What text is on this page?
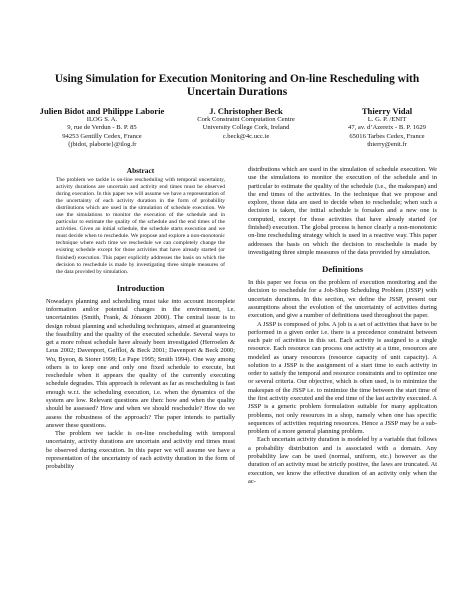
Using Simulation for Execution Monitoring and On-line Rescheduling with
Uncertain Durations
Julien Bidot and Philippe Laborie
ILOG S. A.
9, rue de Verdun - B. P. 85
94253 Gentilly Cedex, France
{jbidot, plaborie}@ilog.fr
J. Christopher Beck
Cork Constraint Computation Centre
University College Cork, Ireland
c.beck@4c.ucc.ie
Thierry Vidal
L. G. P. /ENIT
47, av. d’Azereix - B. P. 1629
65016 Tarbes Cedex, France
thierry@enit.fr

Abstract

The problem we tackle is on-line rescheduling with temporal uncertainty, activity durations are uncertain and activity end times must be observed during execution. In this paper we will assume we have a representation of the uncertainty of each activity duration in the form of probability distributions which are used in the simulation of schedule execution. We use the simulations to monitor the execution of the schedule and in particular to estimate the quality of the schedule and the end times of the activities. Given an initial schedule, the schedule starts execution and we must decide when to reschedule. We propose and explore a non-monotonic technique where each time we reschedule we can completely change the existing schedule except for those activities that have already started (or finished) execution. This paper explicitly addresses the basis on which the decision to reschedule is made by investigating three simple measures of the data provided by simulation.

Introduction

Nowadays planning and scheduling must take into account incomplete information and/or potential changes in the environment, i.e. uncertainties (Smith, Frank, & Jónsson 2000). The central issue is to design robust planning and scheduling techniques, aimed at guaranteeing the feasibility and the quality of the executed schedule. Several ways to get a more robust schedule have already been investigated (Herroelen & Leus 2002; Davenport, Gefflot, & Beck 2001; Davenport & Beck 2000; Wu, Byeon, & Storer 1999; Le Pape 1995; Smith 1994). One way among others is to keep one and only one fixed schedule to execute, but reschedule when it appears the quality of the currently executing schedule degrades. This approach is relevant as far as rescheduling is fast enough w.r.t. the scheduling execution, i.e. when the dynamics of the system are low. Relevant questions are then: how and when the quality should be assessed? How and when we should reschedule? How do we assess the robustness of the approach? The paper intends to partially answer these questions.

The problem we tackle is on-line rescheduling with temporal uncertainty, activity durations are uncertain and activity end times must be observed during execution. In this paper we will assume we have a representation of the uncertainty of each activity duration in the form of probability

distributions which are used in the simulation of schedule execution. We use the simulations to monitor the execution of the schedule and in particular to estimate the quality of the schedule (i.e., the makespan) and the end times of the activities. In the technique that we propose and explore, those data are used to decide when to reschedule; when such a decision is taken, the initial schedule is forsaken and a new one is computed, except for those activities that have already started (or finished) execution. The global process is hence clearly a non-monotonic on-line rescheduling strategy which is used in a reactive way. This paper addresses the basis on which the decision to reschedule is made by investigating three simple measures of the data provided by simulation.

Definitions

In this paper we focus on the problem of execution monitoring and the decision to reschedule for a Job-Shop Scheduling Problem (JSSP) with uncertain durations. In this section, we define the JSSP, present our assumptions about the evolution of the uncertainty of activities during execution, and give a number of definitions used throughout the paper.

A JSSP is composed of jobs. A job is a set of activities that have to be performed in a given order i.e. there is a precedence constraint between each pair of activities in this set. Each activity is assigned to a single resource. Each resource can process one activity at a time, resources are modeled as unary resources (resource capacity of unit capacity). A solution to a JSSP is the assignment of a start time to each activity in order to satisfy the temporal and resource constraints and to optimize one or several criteria. Our objective, which is often used, is to minimize the makespan of the JSSP i.e. to minimize the time between the start time of the first activity executed and the end time of the last activity executed. A JSSP is a generic problem formulation suitable for many application problems, not only resources in a shop, namely when one has specific sequences of activities requiring resources. Hence a JSSP may be a sub-problem of a more general planning problem.

Each uncertain activity duration is modeled by a variable that follows a probability distribution and is associated with a domain. Any probability law can be used (normal, uniform, etc.) however as the duration of an activity must be strictly positive, the laws are truncated. At execution, we know the effective duration of an activity only when the ac-
